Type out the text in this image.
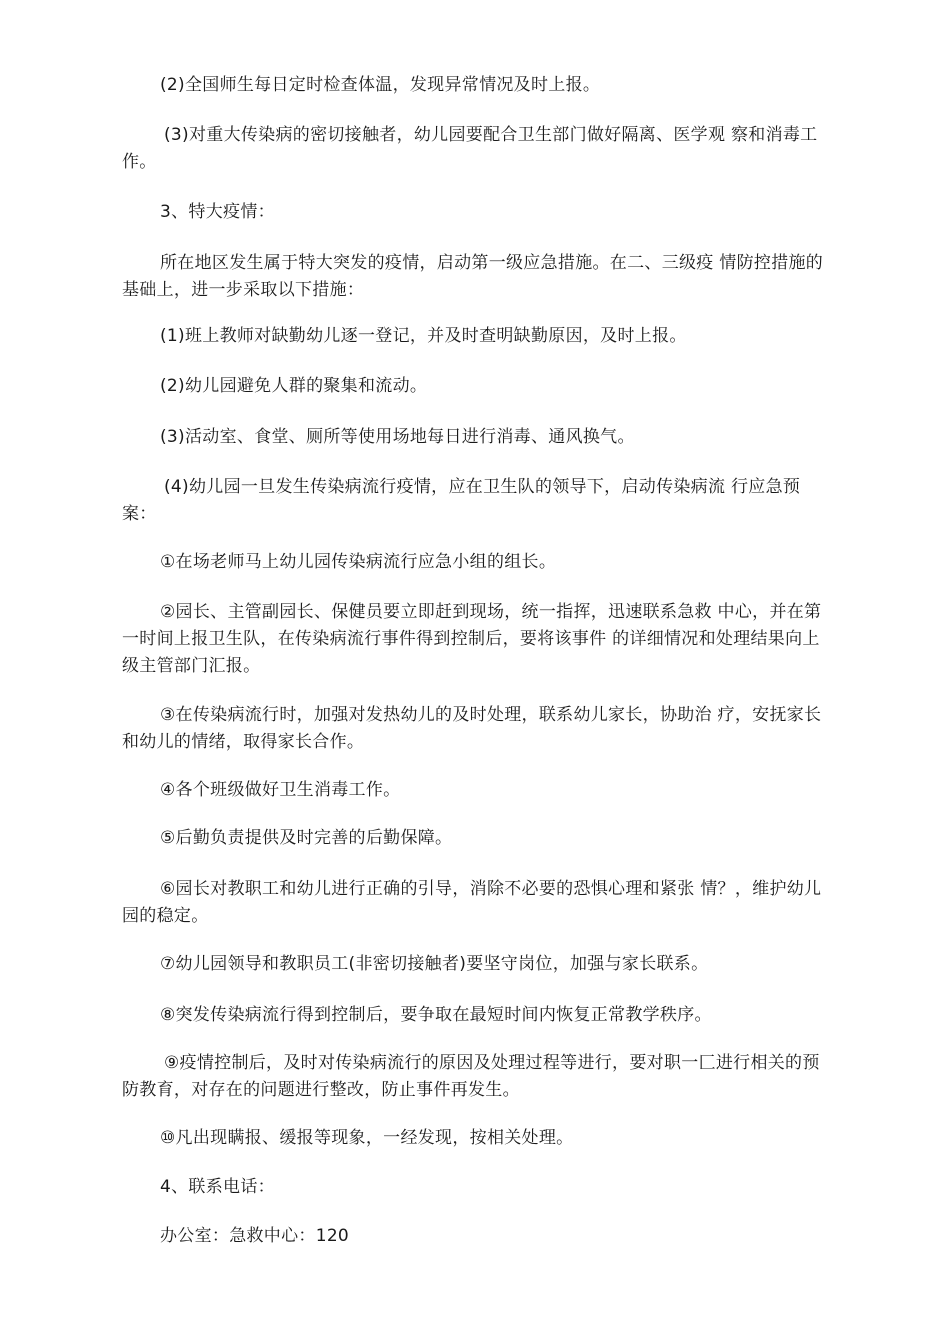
(2)全国师生每日定时检查体温，发现异常情况及时上报。

(3)对重大传染病的密切接触者，幼儿园要配合卫生部门做好隔离、医学观 察和消毒工作。

3、特大疫情：

所在地区发生属于特大突发的疫情，启动第一级应急措施。在二、三级疫 情防控措施的基础上，进一步采取以下措施：

(1)班上教师对缺勤幼儿逐一登记，并及时查明缺勤原因，及时上报。

(2)幼儿园避免人群的聚集和流动。

(3)活动室、食堂、厕所等使用场地每日进行消毒、通风换气。

(4)幼儿园一旦发生传染病流行疫情，应在卫生队的领导下，启动传染病流 行应急预案：

①在场老师马上幼儿园传染病流行应急小组的组长。

②园长、主管副园长、保健员要立即赶到现场，统一指挥，迅速联系急救 中心，并在第一时间上报卫生队，在传染病流行事件得到控制后，要将该事件 的详细情况和处理结果向上级主管部门汇报。

③在传染病流行时，加强对发热幼儿的及时处理，联系幼儿家长，协助治 疗，安抚家长和幼儿的情绪，取得家长合作。

④各个班级做好卫生消毒工作。

⑤后勤负责提供及时完善的后勤保障。

⑥园长对教职工和幼儿进行正确的引导，消除不必要的恐惧心理和紧张 情？，维护幼儿园的稳定。

⑦幼儿园领导和教职员工(非密切接触者)要坚守岗位，加强与家长联系。

⑧突发传染病流行得到控制后，要争取在最短时间内恢复正常教学秩序。

⑨疫情控制后，及时对传染病流行的原因及处理过程等进行，要对职一匚进行相关的预防教育，对存在的问题进行整改，防止事件再发生。

⑩凡出现瞒报、缓报等现象，一经发现，按相关处理。

4、联系电话：

办公室：急救中心：120
